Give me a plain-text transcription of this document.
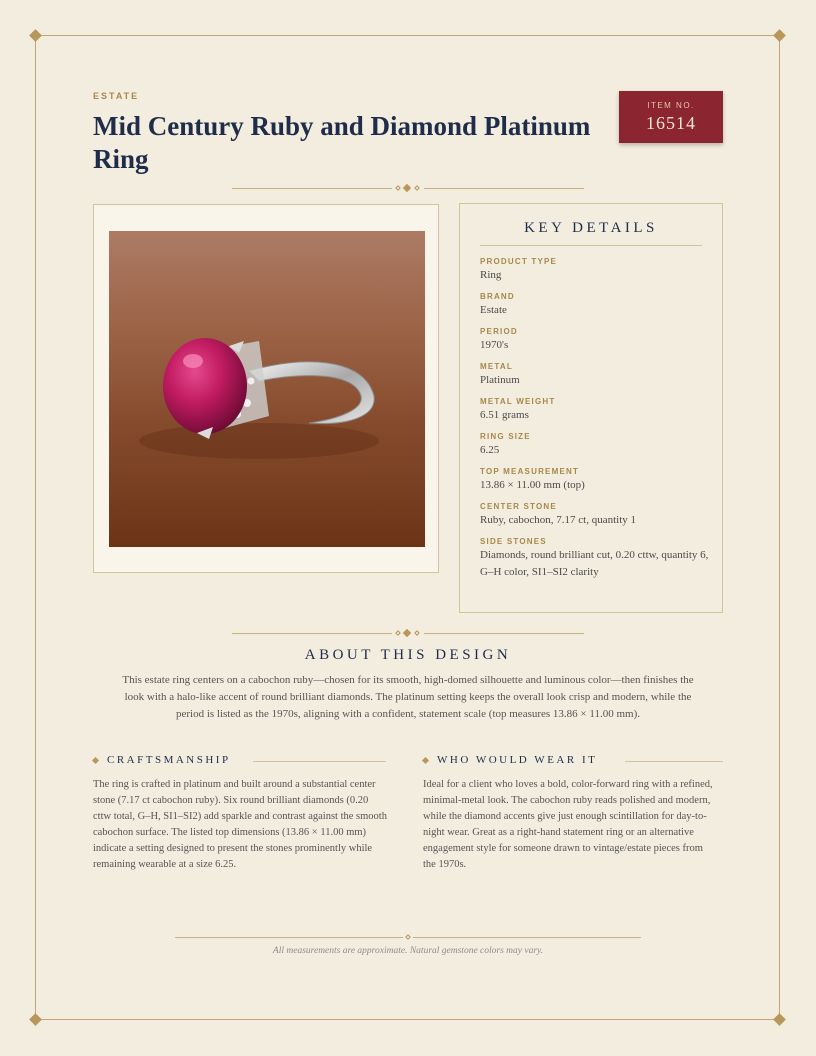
ESTATE
Mid Century Ruby and Diamond Platinum Ring
ITEM NO.
16514
KEY DETAILS
PRODUCT TYPE
Ring
BRAND
Estate
PERIOD
1970's
METAL
Platinum
METAL WEIGHT
6.51 grams
RING SIZE
6.25
TOP MEASUREMENT
13.86 × 11.00 mm (top)
CENTER STONE
Ruby, cabochon, 7.17 ct, quantity 1
SIDE STONES
Diamonds, round brilliant cut, 0.20 cttw, quantity 6, G–H color, SI1–SI2 clarity
ABOUT THIS DESIGN

This estate ring centers on a cabochon ruby—chosen for its smooth, high-domed silhouette and luminous color—then finishes the look with a halo-like accent of round brilliant diamonds. The platinum setting keeps the overall look crisp and modern, while the period is listed as the 1970s, aligning with a confident, statement scale (top measures 13.86 × 11.00 mm).

CRAFTSMANSHIP

The ring is crafted in platinum and built around a substantial center stone (7.17 ct cabochon ruby). Six round brilliant diamonds (0.20 cttw total, G–H, SI1–SI2) add sparkle and contrast against the smooth cabochon surface. The listed top dimensions (13.86 × 11.00 mm) indicate a setting designed to present the stones prominently while remaining wearable at a size 6.25.

WHO WOULD WEAR IT

Ideal for a client who loves a bold, color-forward ring with a refined, minimal-metal look. The cabochon ruby reads polished and modern, while the diamond accents give just enough scintillation for day-to-night wear. Great as a right-hand statement ring or an alternative engagement style for someone drawn to vintage/estate pieces from the 1970s.

All measurements are approximate. Natural gemstone colors may vary.
